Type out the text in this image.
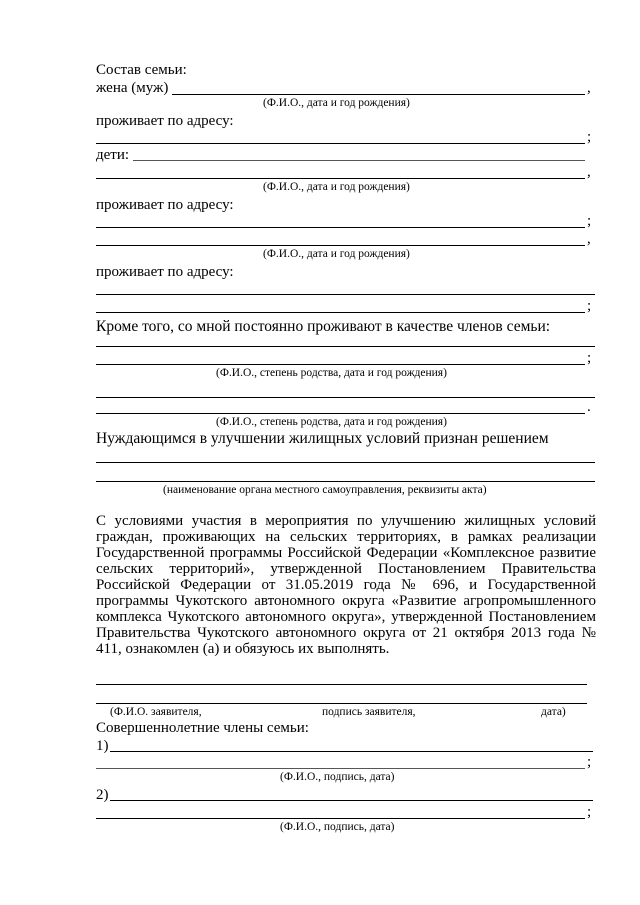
Состав семьи:
жена (муж)	,
(Ф.И.О., дата и год рождения)
проживает по адресу:
;
дети:
,
(Ф.И.О., дата и год рождения)
проживает по адресу:
;
,
(Ф.И.О., дата и год рождения)
проживает по адресу:
;
Кроме того, со мной постоянно проживают в качестве членов семьи:
;
(Ф.И.О., степень родства, дата и год рождения)
.
(Ф.И.О., степень родства, дата и год рождения)
Нуждающимся в улучшении жилищных условий признан решением
(наименование органа местного самоуправления, реквизиты акта)
С условиями участия в мероприятия по улучшению жилищных условий граждан, проживающих на сельских территориях, в рамках реализации Государственной программы Российской Федерации «Комплексное развитие сельских территорий», утвержденной Постановлением Правительства Российской Федерации от 31.05.2019 года № 696, и Государственной программы Чукотского автономного округа «Развитие агропромышленного комплекса Чукотского автономного округа», утвержденной Постановлением Правительства Чукотского автономного округа от 21 октября 2013 года № 411, ознакомлен (а) и обязуюсь их выполнять.
(Ф.И.О. заявителя,	подпись заявителя,	дата)
Совершеннолетние члены семьи:
1)
;
(Ф.И.О., подпись, дата)
2)
;
(Ф.И.О., подпись, дата)
